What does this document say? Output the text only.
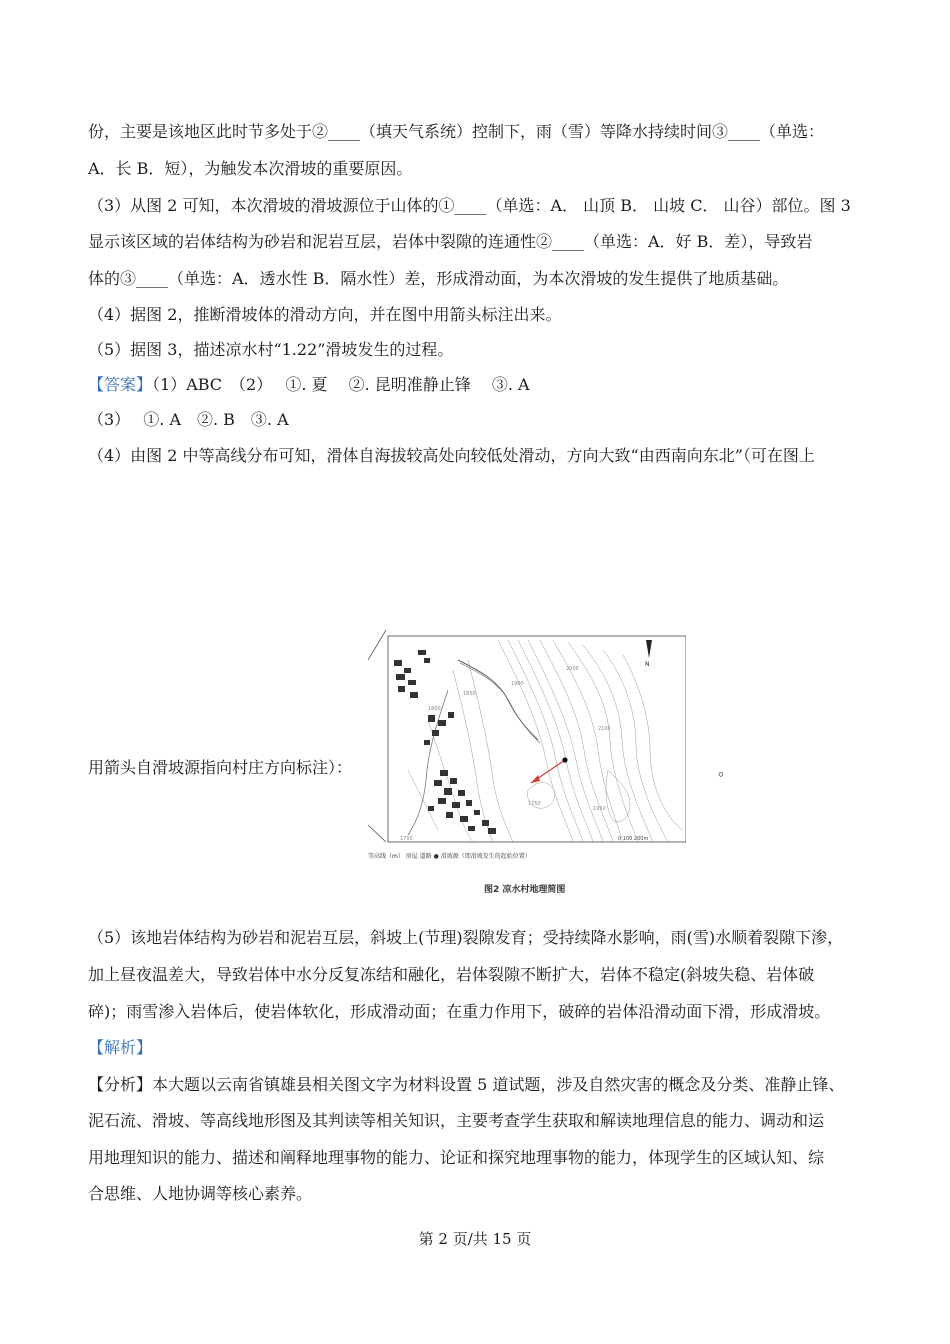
份，主要是该地区此时节多处于②____（填天气系统）控制下，雨（雪）等降水持续时间③____（单选：
A．长 B．短），为触发本次滑坡的重要原因。
（3）从图 2 可知，本次滑坡的滑坡源位于山体的①____（单选：A． 山顶 B． 山坡 C． 山谷）部位。图 3
显示该区域的岩体结构为砂岩和泥岩互层，岩体中裂隙的连通性②____（单选：A．好 B．差），导致岩
体的③____（单选：A．透水性 B．隔水性）差，形成滑动面，为本次滑坡的发生提供了地质基础。
（4）据图 2，推断滑坡体的滑动方向，并在图中用箭头标注出来。
（5）据图 3，描述凉水村“1.22”滑坡发生的过程。
【答案】（1）ABC　（2）　 ①. 夏　 ②. 昆明准静止锋　 ③. A
（3）　 ①. A　②. B　③. A
（4）由图 2 中等高线分布可知，滑体自海拔较高处向较低处滑动，方向大致“由西南向东北”（可在图上
用箭头自滑坡源指向村庄方向标注）：	。
N
1900
1800
1850
1750
2100
2000
1950
1700	0 100 200m
等高线（m） 房屋 道路 ● 滑坡源（即滑坡发生的起始位置）
图2 凉水村地理简图
（5）该地岩体结构为砂岩和泥岩互层，斜坡上(节理)裂隙发育；受持续降水影响，雨(雪)水顺着裂隙下渗，
加上昼夜温差大，导致岩体中水分反复冻结和融化，岩体裂隙不断扩大，岩体不稳定(斜坡失稳、岩体破
碎)；雨雪渗入岩体后，使岩体软化，形成滑动面；在重力作用下，破碎的岩体沿滑动面下滑，形成滑坡。
【解析】
【分析】本大题以云南省镇雄县相关图文字为材料设置 5 道试题，涉及自然灾害的概念及分类、准静止锋、
泥石流、滑坡、等高线地形图及其判读等相关知识，主要考查学生获取和解读地理信息的能力、调动和运
用地理知识的能力、描述和阐释地理事物的能力、论证和探究地理事物的能力，体现学生的区域认知、综
合思维、人地协调等核心素养。
第 2 页/共 15 页
